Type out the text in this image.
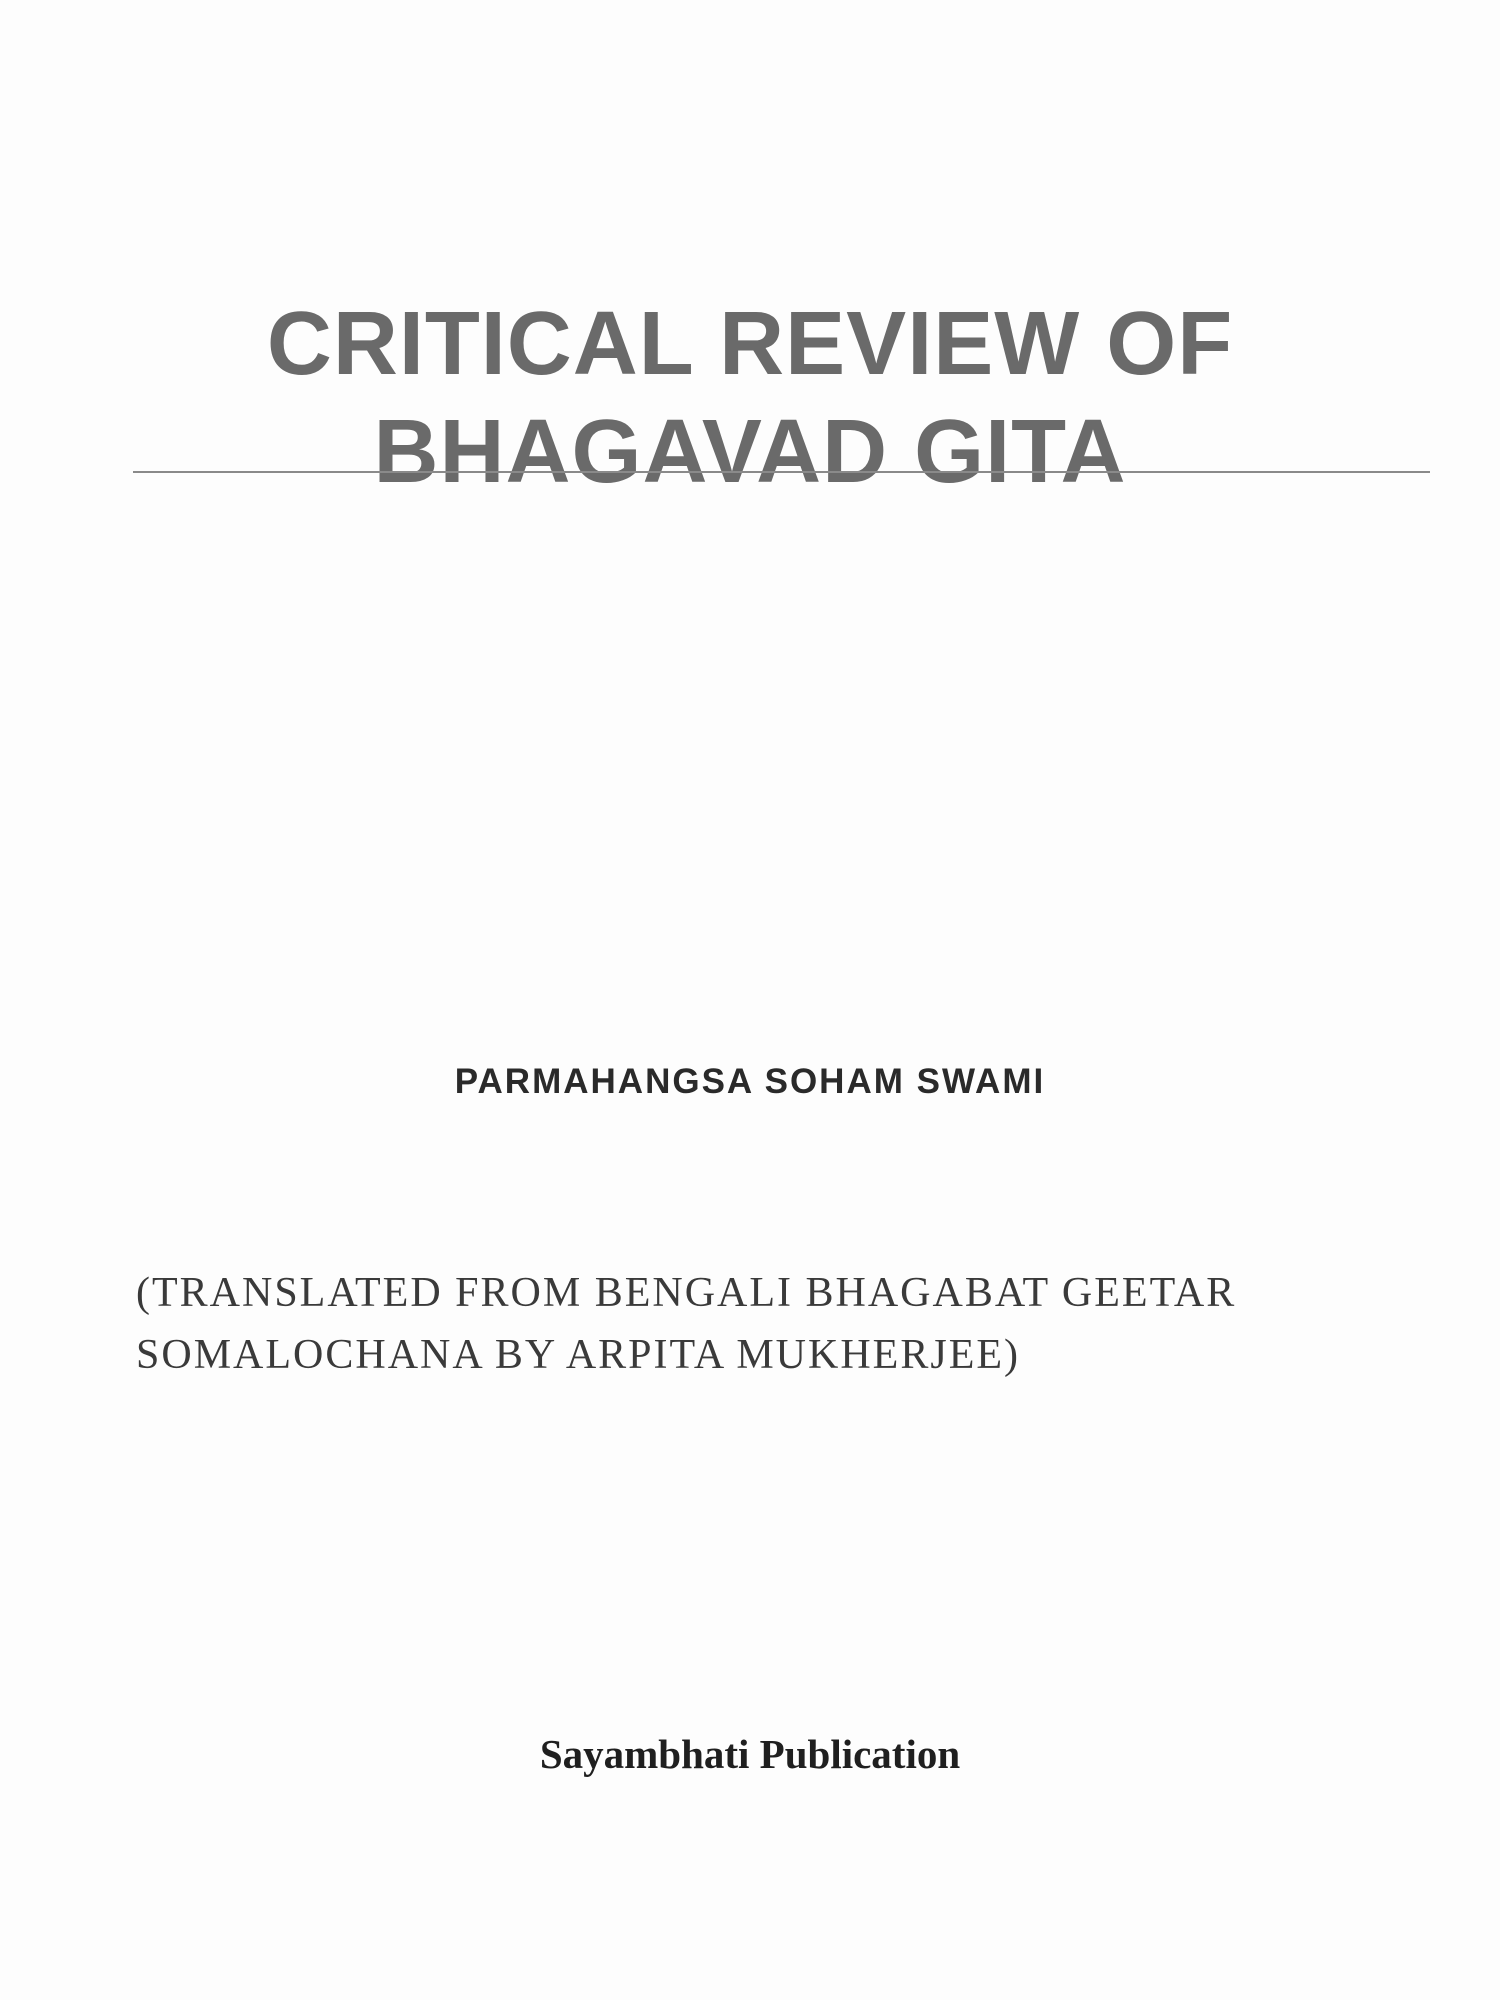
CRITICAL REVIEW OF
BHAGAVAD GITA
PARMAHANGSA SOHAM SWAMI
(TRANSLATED FROM BENGALI BHAGABAT GEETAR
SOMALOCHANA BY ARPITA MUKHERJEE)
Sayambhati Publication
